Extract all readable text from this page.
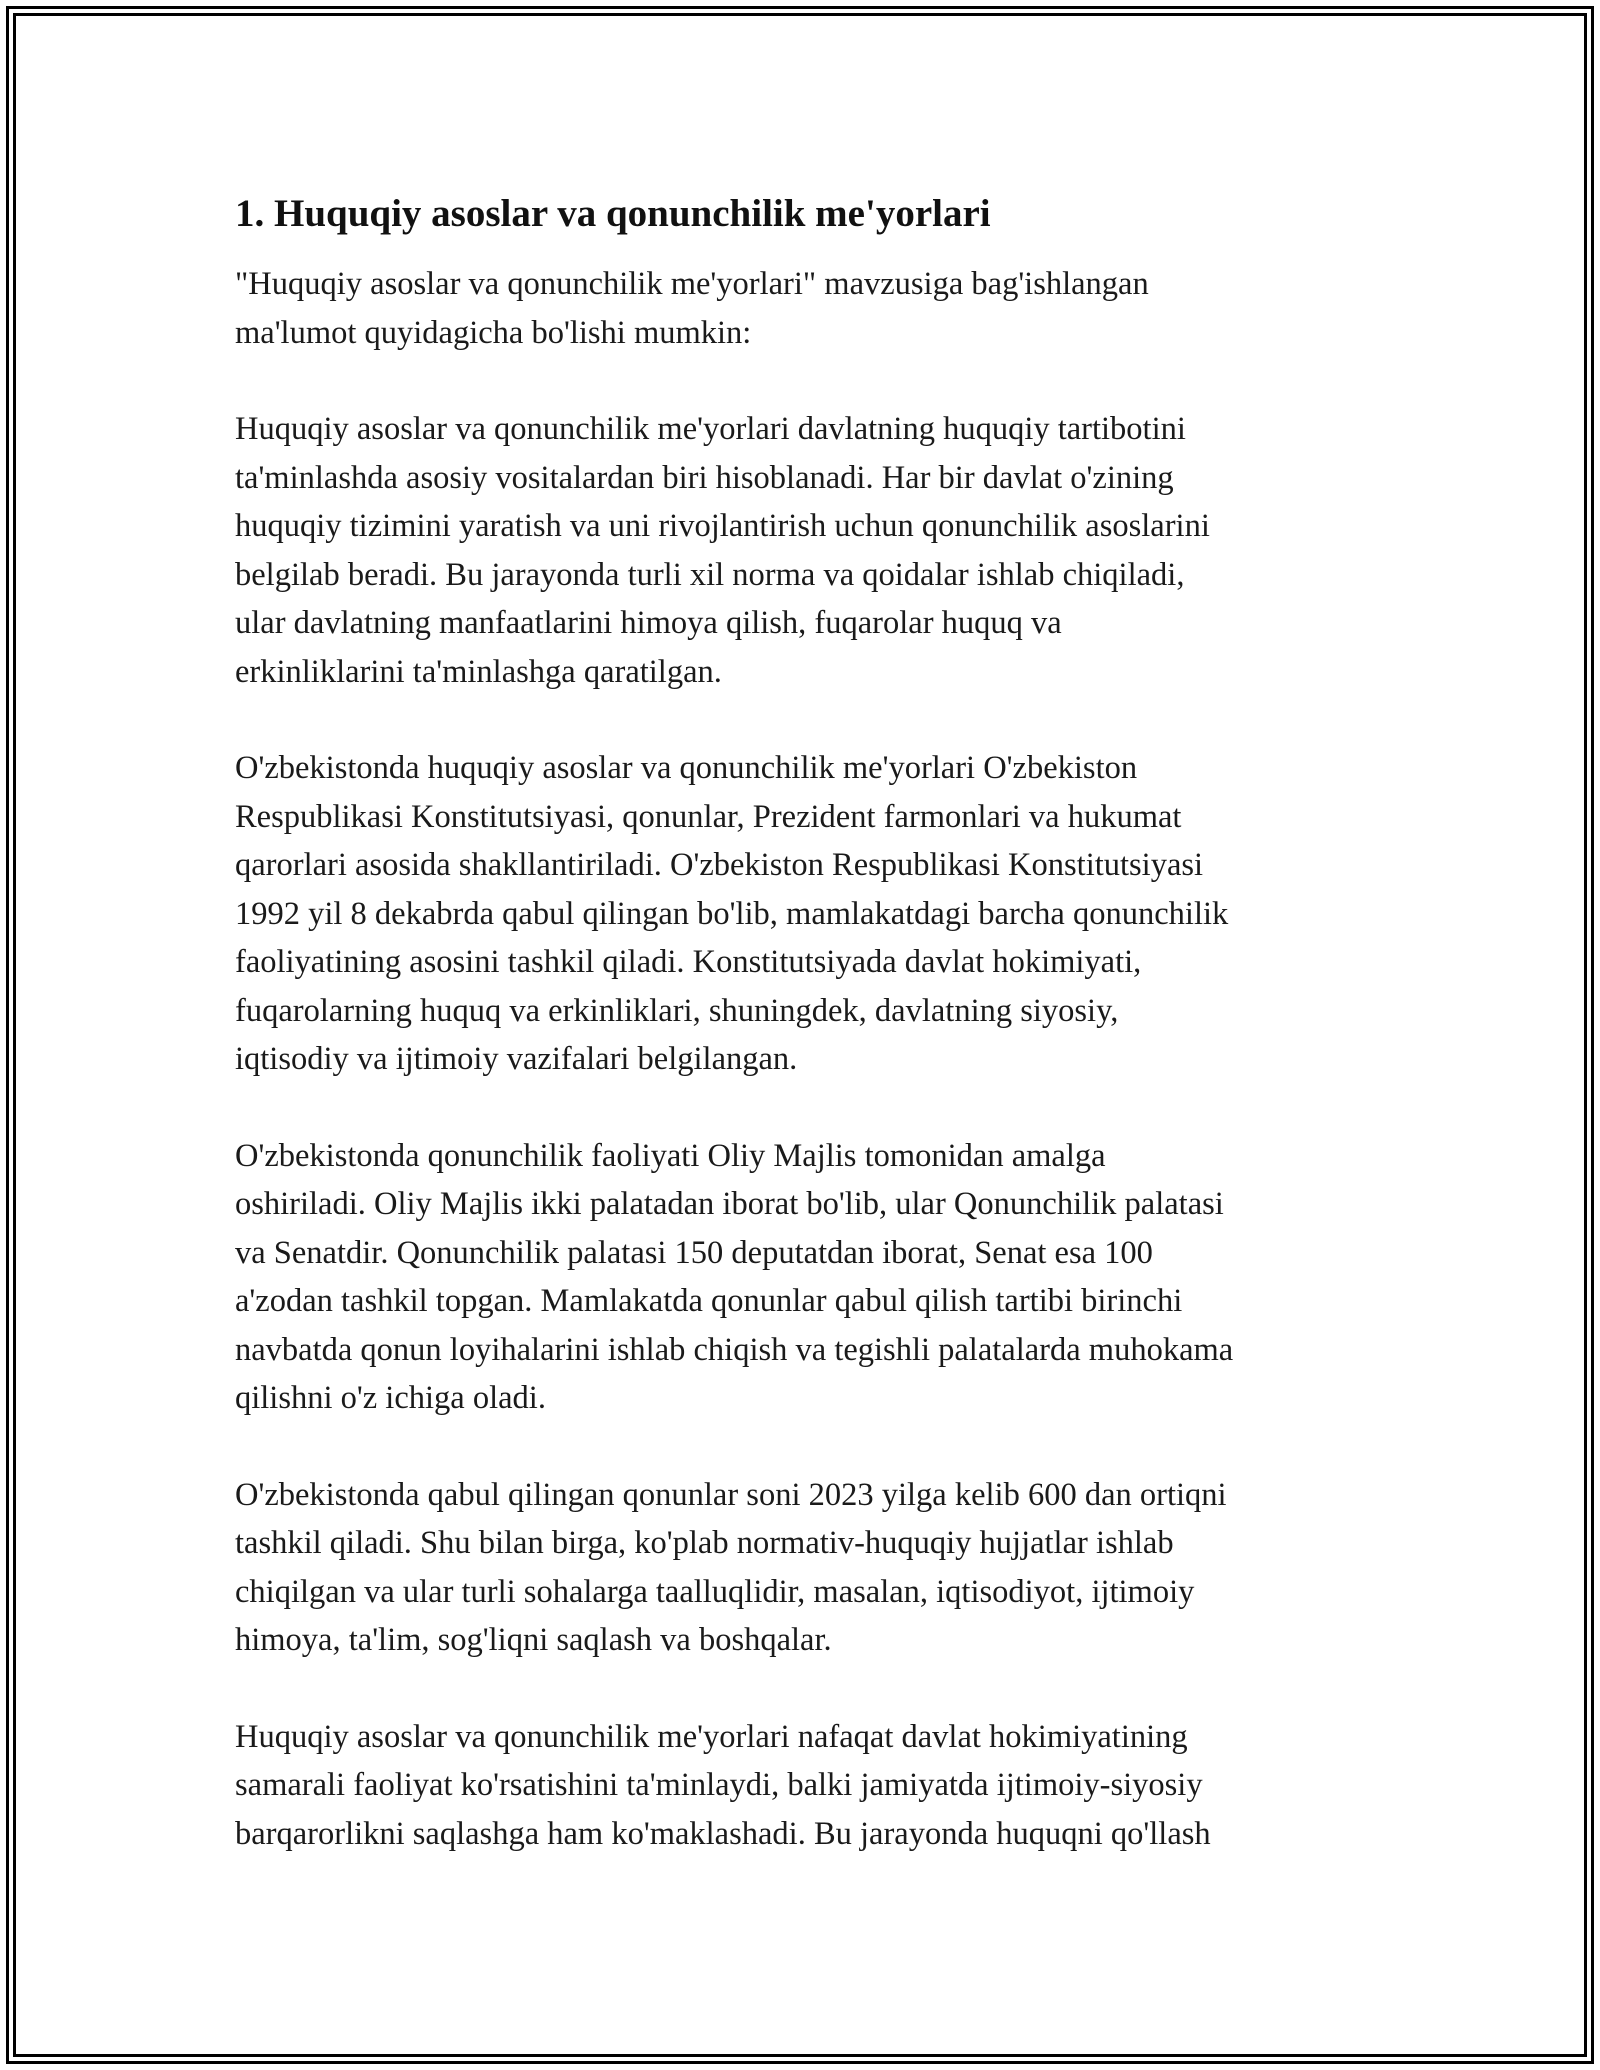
1. Huquqiy asoslar va qonunchilik me'yorlari

"Huquqiy asoslar va qonunchilik me'yorlari" mavzusiga bag'ishlangan
ma'lumot quyidagicha bo'lishi mumkin:

Huquqiy asoslar va qonunchilik me'yorlari davlatning huquqiy tartibotini
ta'minlashda asosiy vositalardan biri hisoblanadi. Har bir davlat o'zining
huquqiy tizimini yaratish va uni rivojlantirish uchun qonunchilik asoslarini
belgilab beradi. Bu jarayonda turli xil norma va qoidalar ishlab chiqiladi,
ular davlatning manfaatlarini himoya qilish, fuqarolar huquq va
erkinliklarini ta'minlashga qaratilgan.

O'zbekistonda huquqiy asoslar va qonunchilik me'yorlari O'zbekiston
Respublikasi Konstitutsiyasi, qonunlar, Prezident farmonlari va hukumat
qarorlari asosida shakllantiriladi. O'zbekiston Respublikasi Konstitutsiyasi
1992 yil 8 dekabrda qabul qilingan bo'lib, mamlakatdagi barcha qonunchilik
faoliyatining asosini tashkil qiladi. Konstitutsiyada davlat hokimiyati,
fuqarolarning huquq va erkinliklari, shuningdek, davlatning siyosiy,
iqtisodiy va ijtimoiy vazifalari belgilangan.

O'zbekistonda qonunchilik faoliyati Oliy Majlis tomonidan amalga
oshiriladi. Oliy Majlis ikki palatadan iborat bo'lib, ular Qonunchilik palatasi
va Senatdir. Qonunchilik palatasi 150 deputatdan iborat, Senat esa 100
a'zodan tashkil topgan. Mamlakatda qonunlar qabul qilish tartibi birinchi
navbatda qonun loyihalarini ishlab chiqish va tegishli palatalarda muhokama
qilishni o'z ichiga oladi.

O'zbekistonda qabul qilingan qonunlar soni 2023 yilga kelib 600 dan ortiqni
tashkil qiladi. Shu bilan birga, ko'plab normativ-huquqiy hujjatlar ishlab
chiqilgan va ular turli sohalarga taalluqlidir, masalan, iqtisodiyot, ijtimoiy
himoya, ta'lim, sog'liqni saqlash va boshqalar.

Huquqiy asoslar va qonunchilik me'yorlari nafaqat davlat hokimiyatining
samarali faoliyat ko'rsatishini ta'minlaydi, balki jamiyatda ijtimoiy-siyosiy
barqarorlikni saqlashga ham ko'maklashadi. Bu jarayonda huquqni qo'llash
